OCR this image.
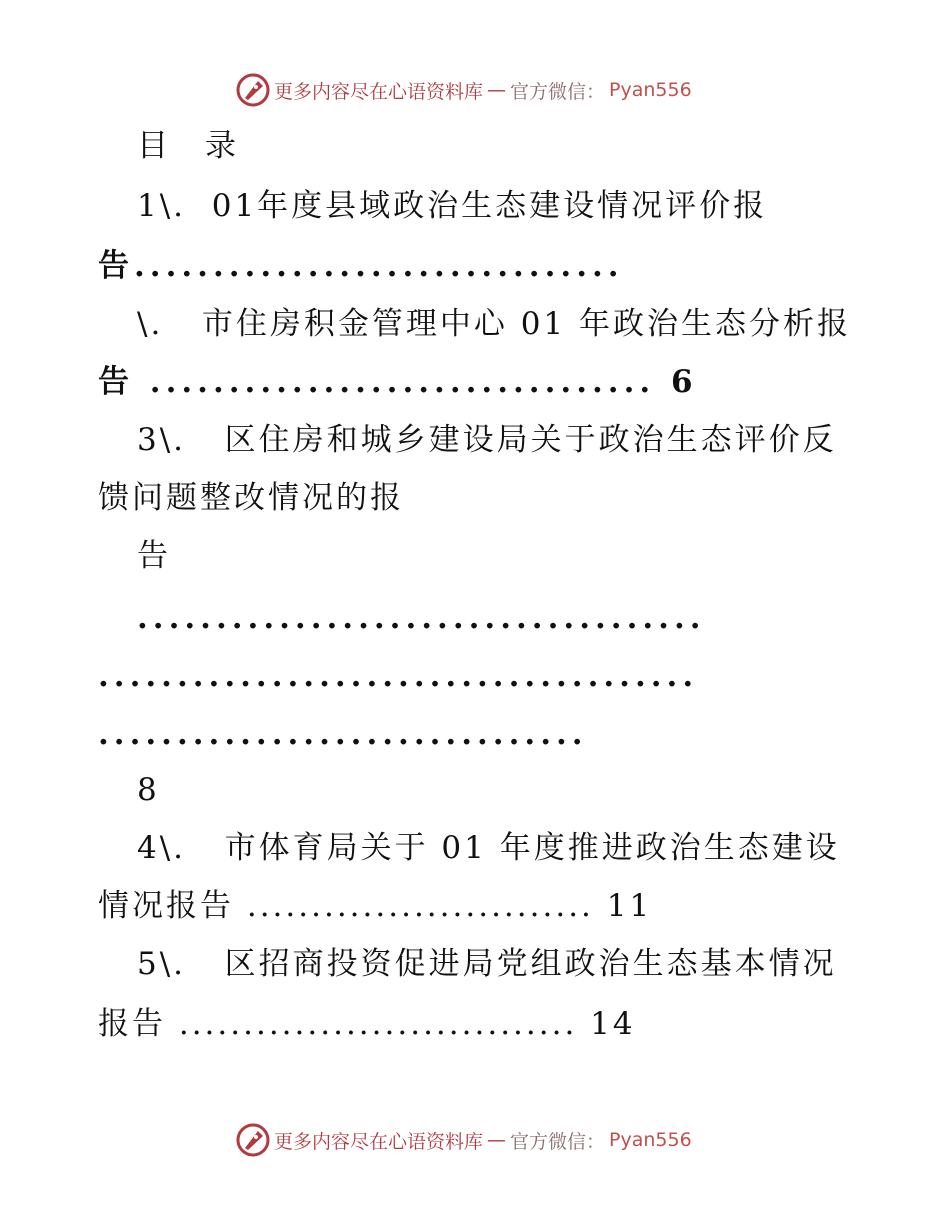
更多内容尽在心语资料库 — 官方微信： Pyan556
目　录
1\.  01年度县域政治生态建设情况评价报
告...............................
\.   市住房积金管理中心 01 年政治生态分析报
告 ................................ 6
3\.   区住房和城乡建设局关于政治生态评价反
馈问题整改情况的报
告
....................................
......................................
...............................
8
4\.   市体育局关于 01 年度推进政治生态建设
情况报告 ........................... 11
5\.   区招商投资促进局党组政治生态基本情况
报告 ............................... 14
更多内容尽在心语资料库 — 官方微信： Pyan556
